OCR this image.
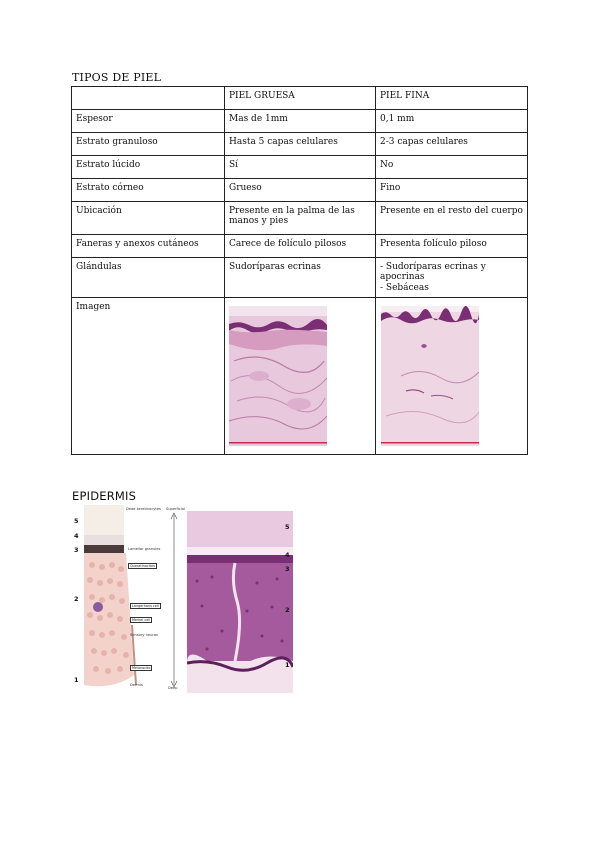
TIPOS DE PIEL
	PIEL GRUESA	PIEL FINA
Espesor	Mas de 1mm	0,1 mm
Estrato granuloso	Hasta 5 capas celulares	2-3 capas celulares
Estrato lúcido	Sí	No
Estrato córneo	Grueso	Fino
Ubicación	Presente en la palma de las manos y pies	Presente en el resto del cuerpo
Faneras y anexos cutáneos	Carece de folículo pilosos	Presenta folículo piloso
Glándulas	Sudoríparas ecrinas	- Sudoríparas ecrinas y apocrinas
- Sebáceas

Imagen	

EPIDERMIS
5
4
3
2
1
Dead keratinocytes
Lamellar granules
Queratinocitos
Langerhans cell
Merkel cell
Sensory neuron
Melanocito
Dermis
Superficial
Deep
5
4
3
2
1
